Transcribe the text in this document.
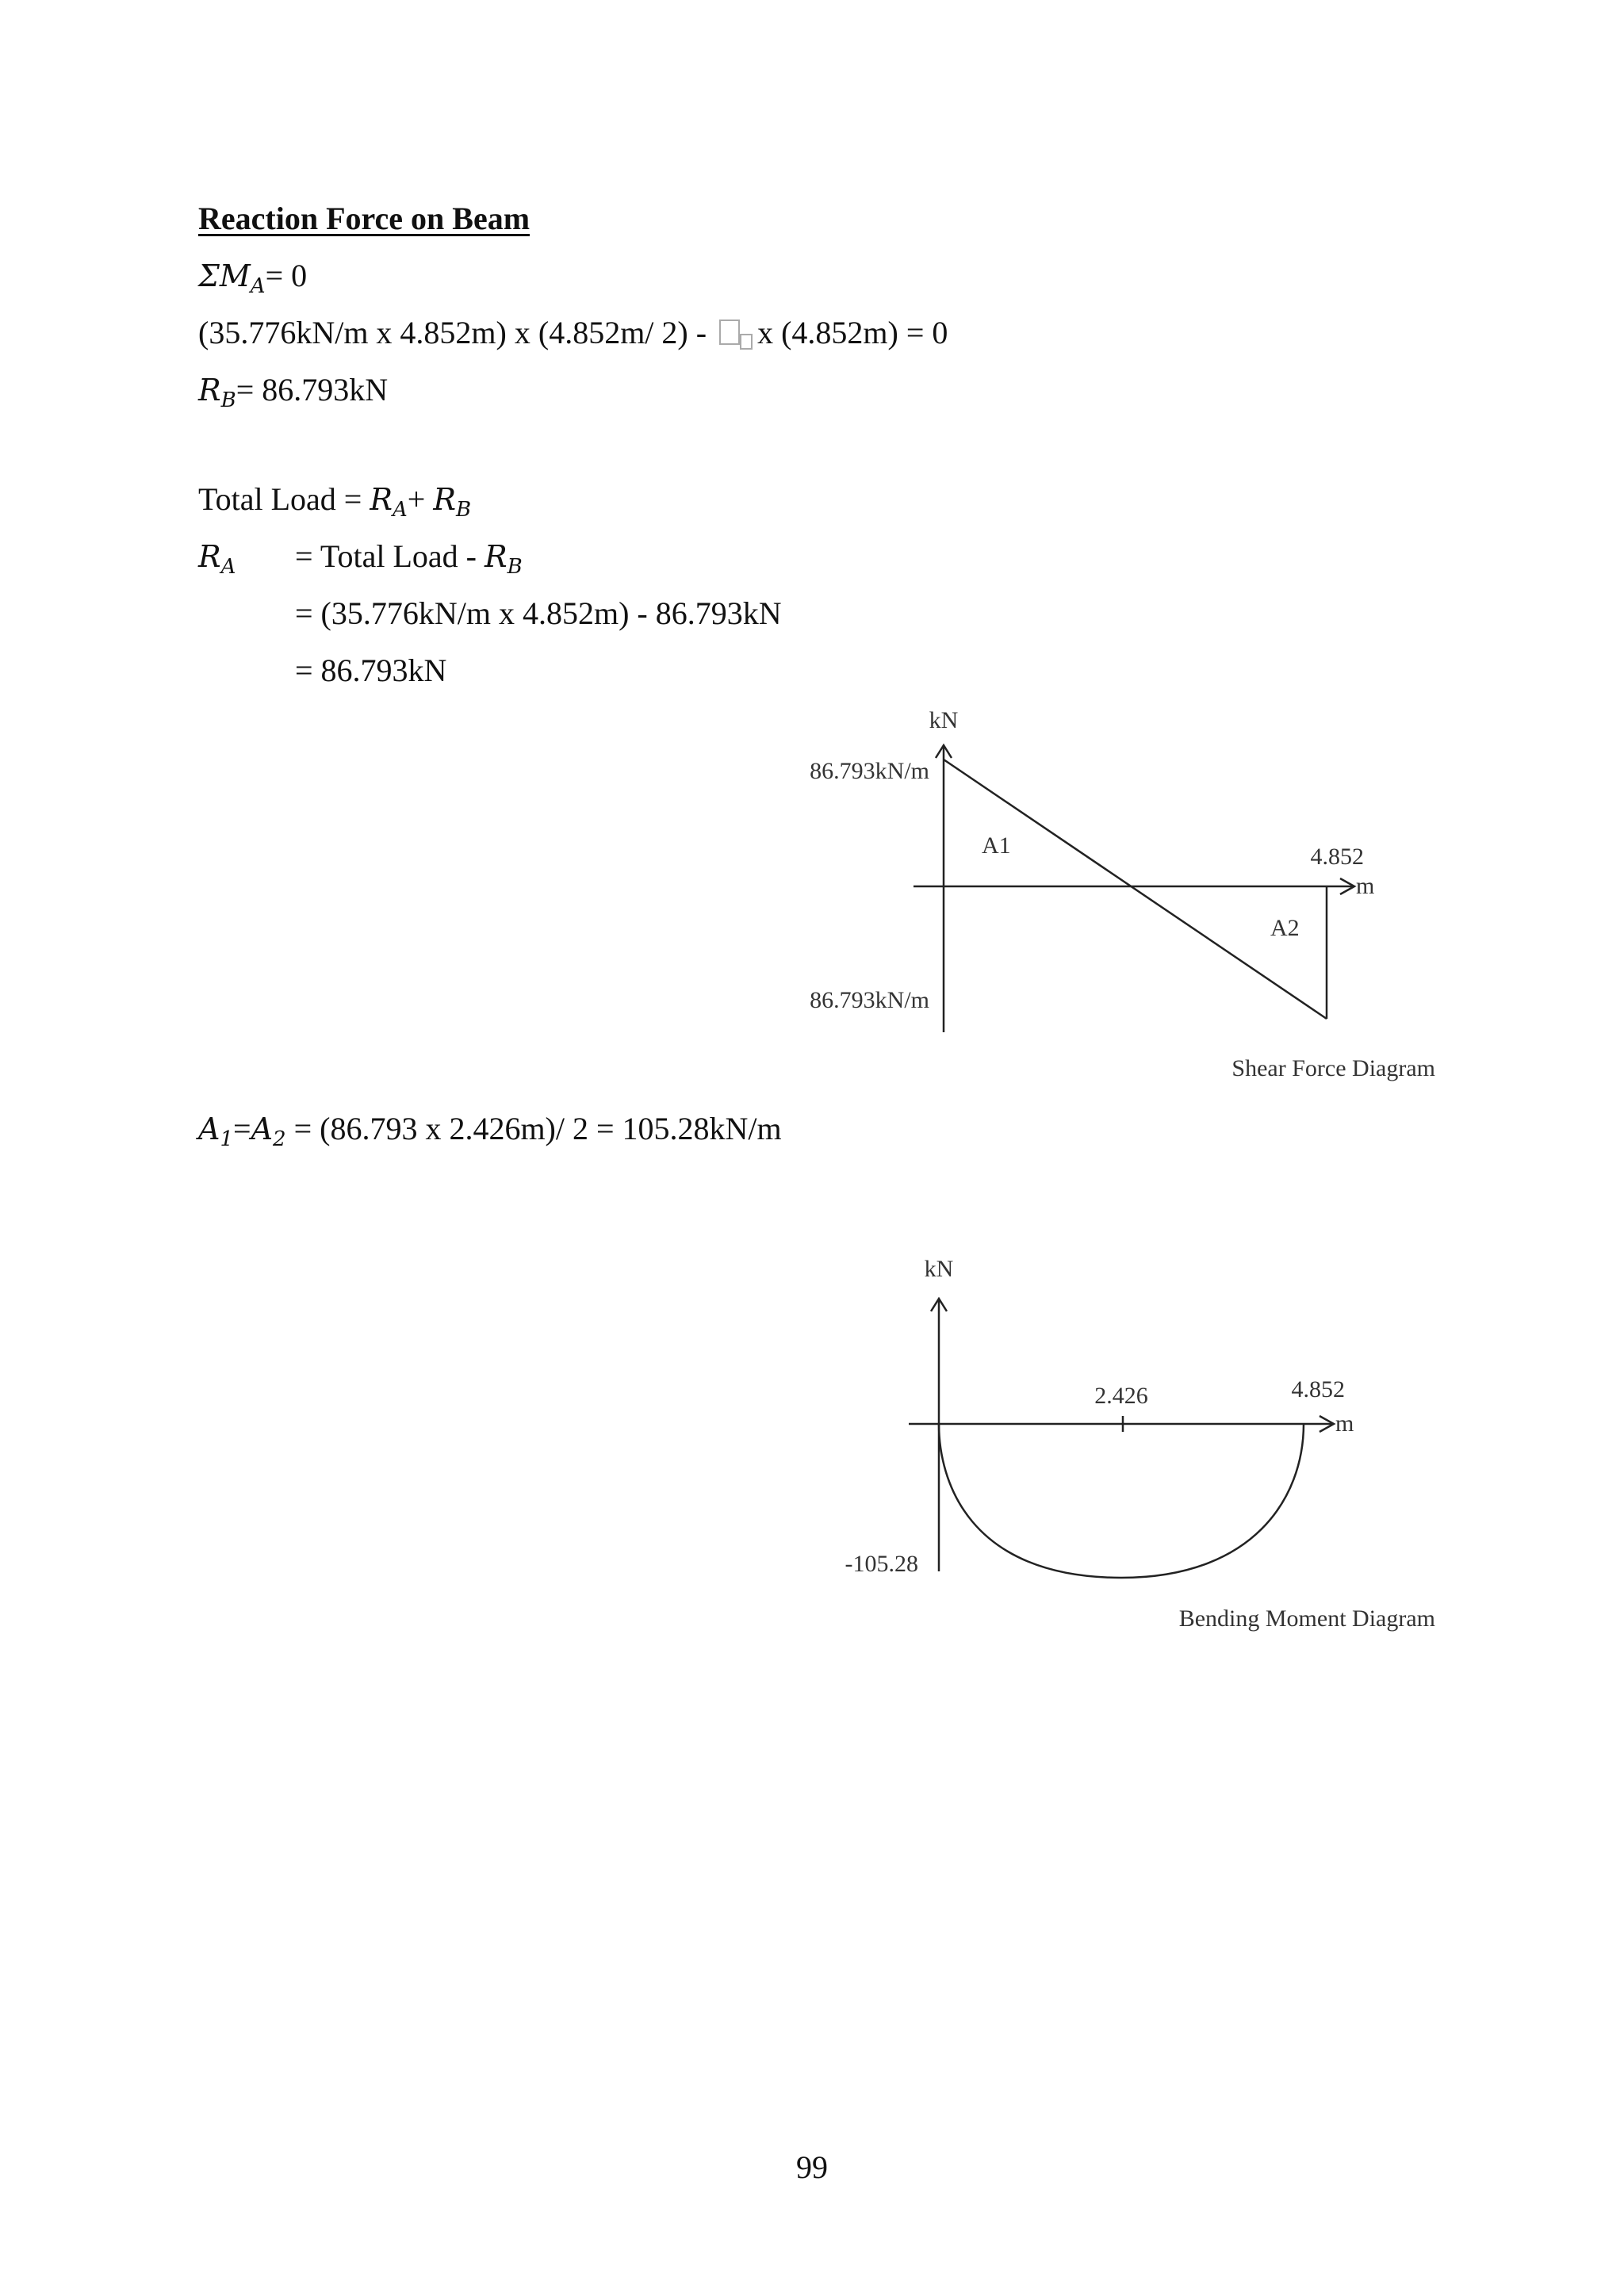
Reaction Force on Beam
$\Sigma M_A= 0$
(35.776kN/m x 4.852m) x (4.852m/ 2) - x (4.852m) = 0
$R_B= 86.793kN$
Total Load = $R_A+ R_B$
$R_A$ = Total Load - $R_B$
= (35.776kN/m x 4.852m) - 86.793kN
= 86.793kN
kN
m
86.793kN/m
86.793kN/m
4.852
A1
A2
Shear Force Diagram
$A_1=A_2 = (86.793$ x 2.426m)/ 2 = 105.28kN/m
kN
m
2.426	4.852
-105.28
Bending Moment Diagram
99
